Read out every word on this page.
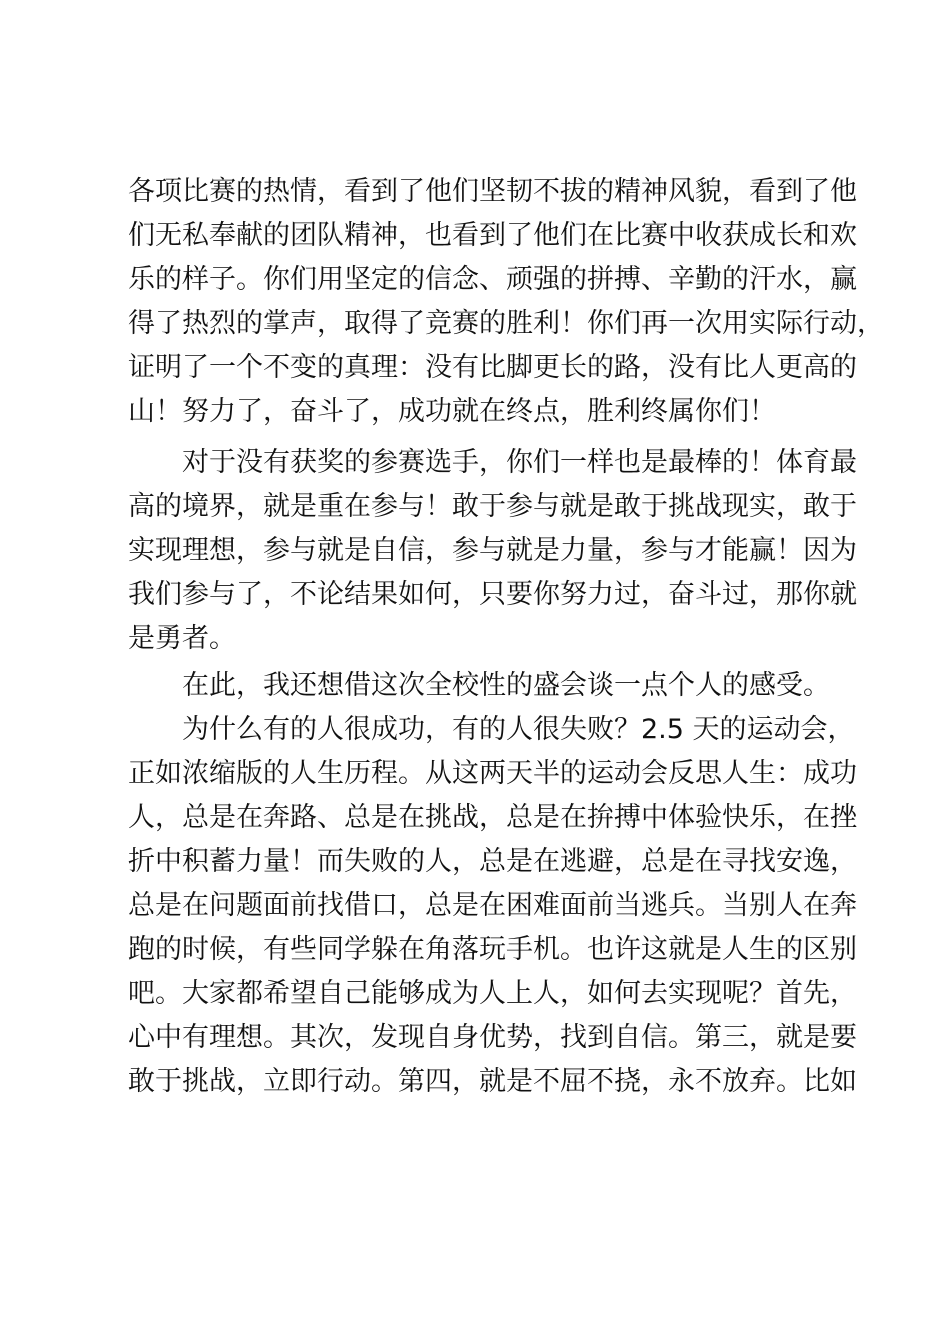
各项比赛的热情，看到了他们坚韧不拔的精神风貌，看到了他
们无私奉献的团队精神，也看到了他们在比赛中收获成长和欢
乐的样子。你们用坚定的信念、顽强的拼搏、辛勤的汗水，赢
得了热烈的掌声，取得了竞赛的胜利！你们再一次用实际行动，
证明了一个不变的真理：没有比脚更长的路，没有比人更高的
山！努力了，奋斗了，成功就在终点，胜利终属你们！
对于没有获奖的参赛选手，你们一样也是最棒的！体育最
高的境界，就是重在参与！敢于参与就是敢于挑战现实，敢于
实现理想，参与就是自信，参与就是力量，参与才能赢！因为
我们参与了，不论结果如何，只要你努力过，奋斗过，那你就
是勇者。
在此，我还想借这次全校性的盛会谈一点个人的感受。
为什么有的人很成功，有的人很失败？2.5 天的运动会，
正如浓缩版的人生历程。从这两天半的运动会反思人生：成功
人，总是在奔路、总是在挑战，总是在拚搏中体验快乐，在挫
折中积蓄力量！而失败的人，总是在逃避，总是在寻找安逸，
总是在问题面前找借口，总是在困难面前当逃兵。当别人在奔
跑的时候，有些同学躲在角落玩手机。也许这就是人生的区别
吧。大家都希望自己能够成为人上人，如何去实现呢？首先，
心中有理想。其次，发现自身优势，找到自信。第三，就是要
敢于挑战，立即行动。第四，就是不屈不挠，永不放弃。比如
